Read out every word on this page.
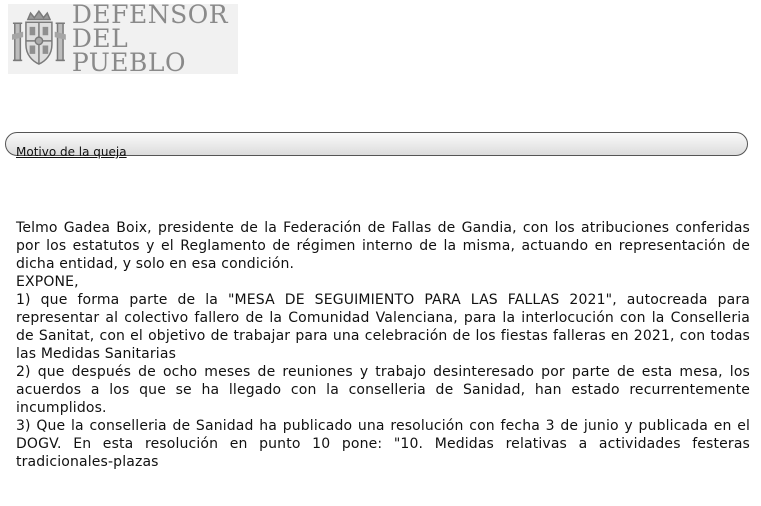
DEFENSOR
DEL PUEBLO
Motivo de la queja

Telmo Gadea Boix, presidente de la Federación de Fallas de Gandia, con los atribuciones conferidas por los estatutos y el Reglamento de régimen interno de la misma, actuando en representación de dicha entidad, y solo en esa condición.

EXPONE,

1) que forma parte de la "MESA DE SEGUIMIENTO PARA LAS FALLAS 2021", autocreada para representar al colectivo fallero de la Comunidad Valenciana, para la interlocución con la Conselleria de Sanitat, con el objetivo de trabajar para una celebración de los fiestas falleras en 2021, con todas las Medidas Sanitarias

2) que después de ocho meses de reuniones y trabajo desinteresado por parte de esta mesa, los acuerdos a los que se ha llegado con la conselleria de Sanidad, han estado recurrentemente incumplidos.

3) Que la conselleria de Sanidad ha publicado una resolución con fecha 3 de junio y publicada en el DOGV. En esta resolución en punto 10 pone: "10. Medidas relativas a actividades festeras tradicionales-plazas
